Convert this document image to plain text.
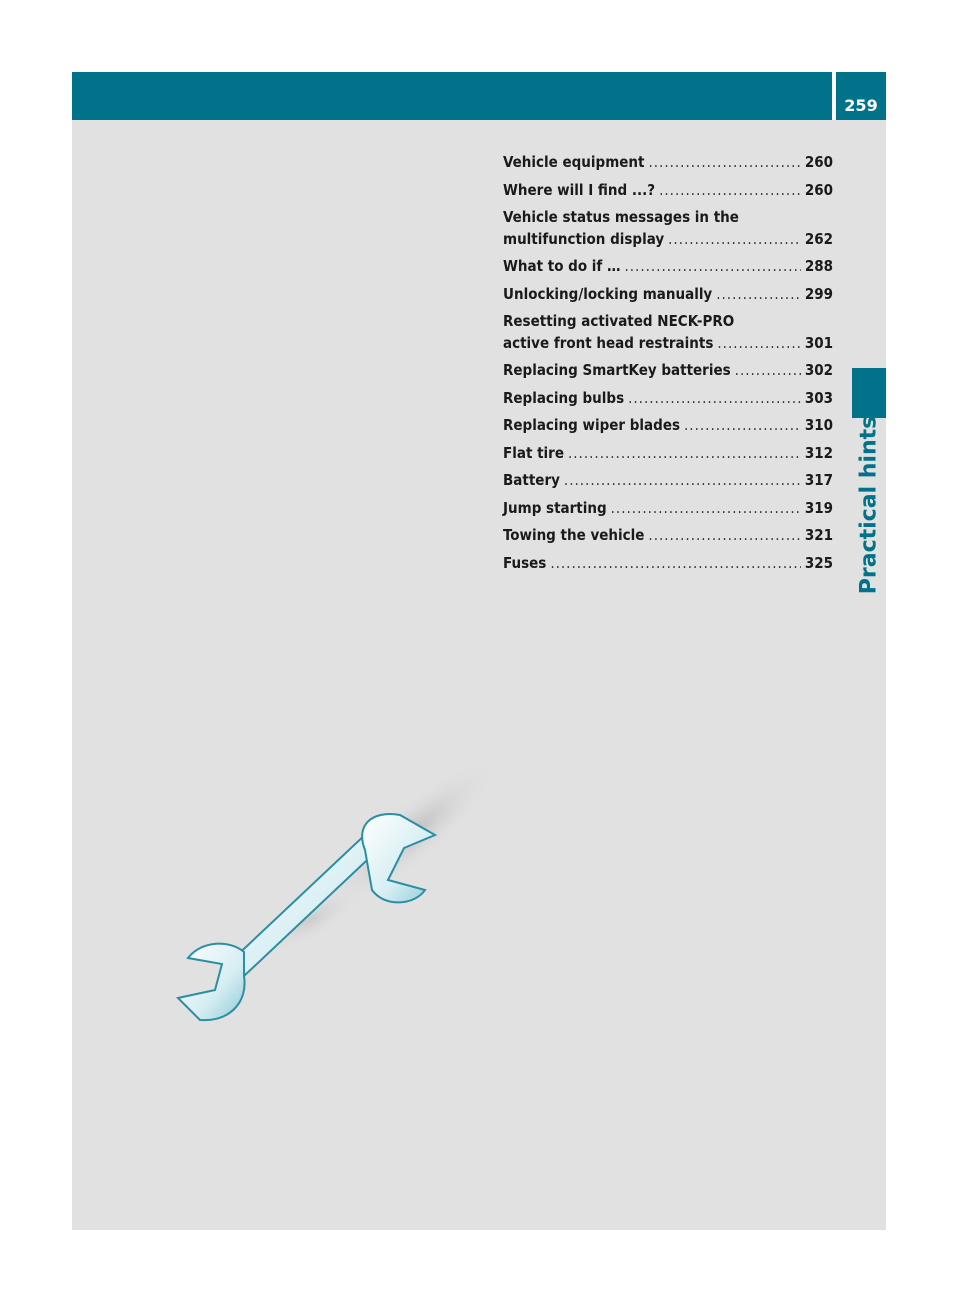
259
Practical hints
Vehicle equipment .....	260
Where will I find ...? .....	260
Vehicle status messages in the
multifunction display .....	262
What to do if … .....	288
Unlocking/locking manually .....	299
Resetting activated NECK-PRO
active front head restraints .....	301
Replacing SmartKey batteries .....	302
Replacing bulbs .....	303
Replacing wiper blades .....	310
Flat tire .....	312
Battery .....	317
Jump starting .....	319
Towing the vehicle .....	321
Fuses .....	325
